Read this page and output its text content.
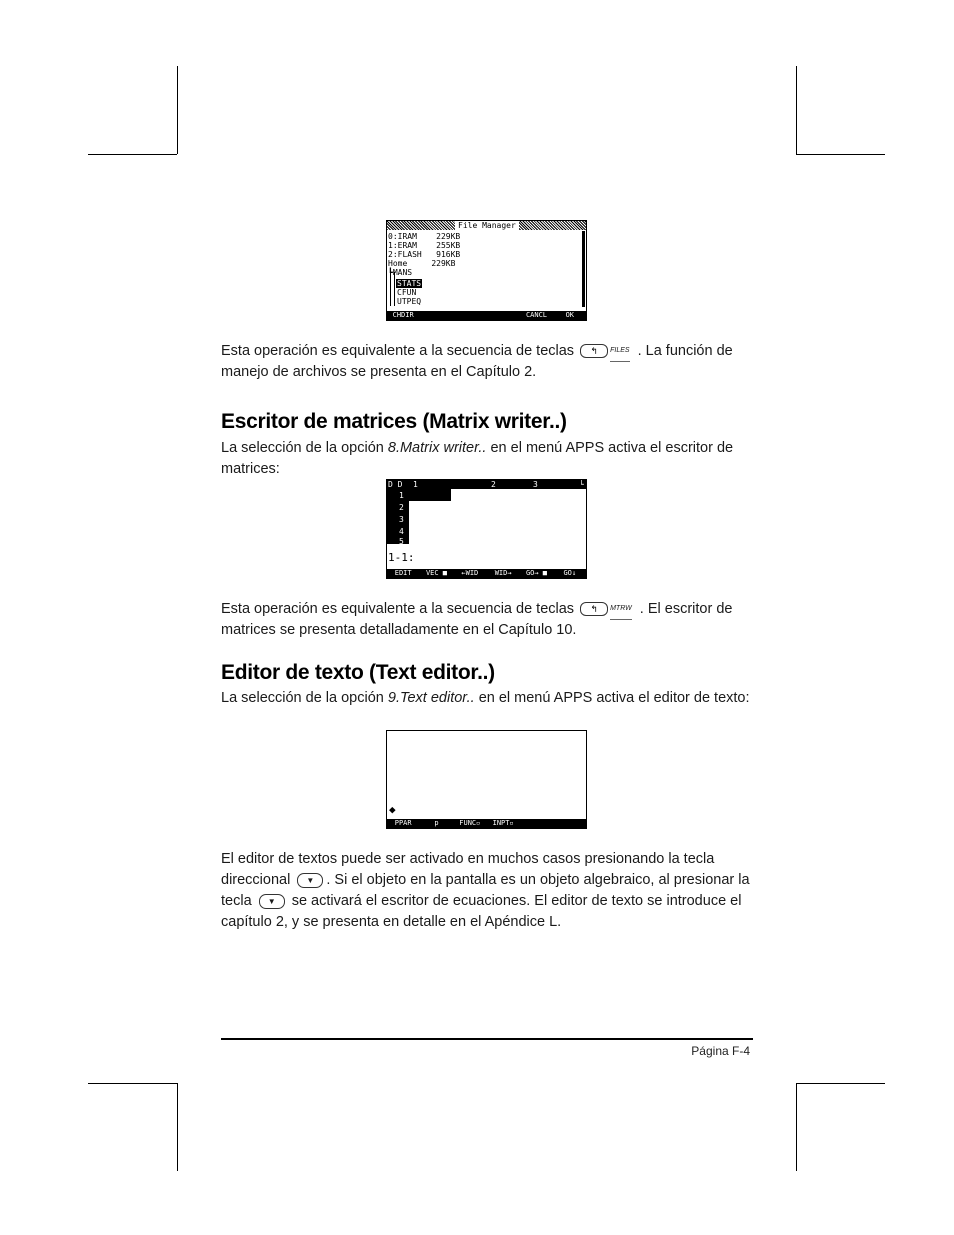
File Manager
0:IRAM    229KB
1:ERAM    255KB
2:FLASH   916KB
Home     229KB
┗MANS
STATS
CFUN
UTPEQ
CHDIR	CANCL	OK
Esta operación es equivalente a la secuencia de teclas ↰ FILES . La función de manejo de archivos se presenta en el Capítulo 2.
Escritor de matrices (Matrix writer..)
La selección de la opción 8.Matrix writer.. en el menú APPS activa el escritor de matrices:
D D 1	2	3	└
1
2
3
4
5
1-1:
EDIT	VEC ■	←WID	WID→	GO→ ■	GO↓
Esta operación es equivalente a la secuencia de teclas ↰ MTRW . El escritor de matrices se presenta detalladamente en el Capítulo 10.
Editor de texto (Text editor..)
La selección de la opción 9.Text editor.. en el menú APPS activa el editor de texto:
◆
PPAR	p	FUNC▫	INPT▫
El editor de textos puede ser activado en muchos casos presionando la tecla direccional ▼ . Si el objeto en la pantalla es un objeto algebraico, al presionar la tecla ▼ se activará el escritor de ecuaciones. El editor de texto se introduce el capítulo 2, y se presenta en detalle en el Apéndice L.
Página F-4
